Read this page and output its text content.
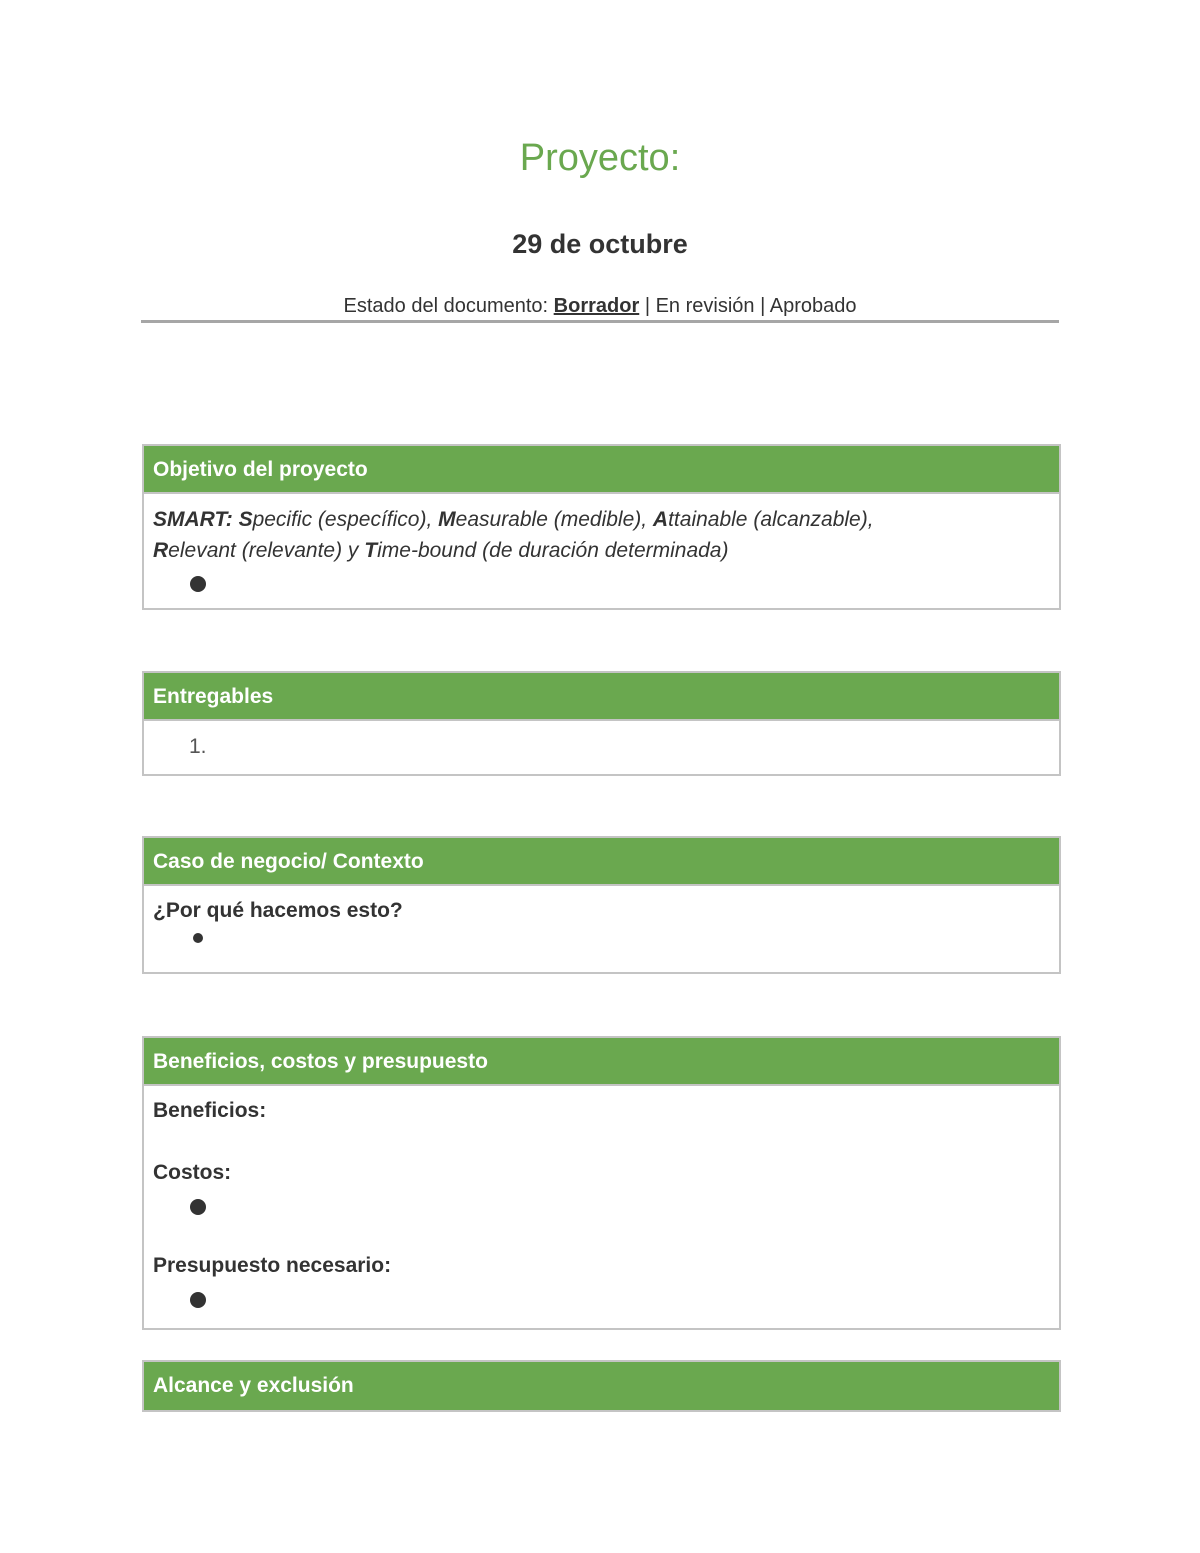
Proyecto:
29 de octubre
Estado del documento: Borrador | En revisión | Aprobado
Objetivo del proyecto
SMART: Specific (específico), Measurable (medible), Attainable (alcanzable),
Relevant (relevante) y Time-bound (de duración determinada)
Entregables
1.
Caso de negocio/ Contexto
¿Por qué hacemos esto?
Beneficios, costos y presupuesto
Beneficios:
Costos:
Presupuesto necesario:
Alcance y exclusión
